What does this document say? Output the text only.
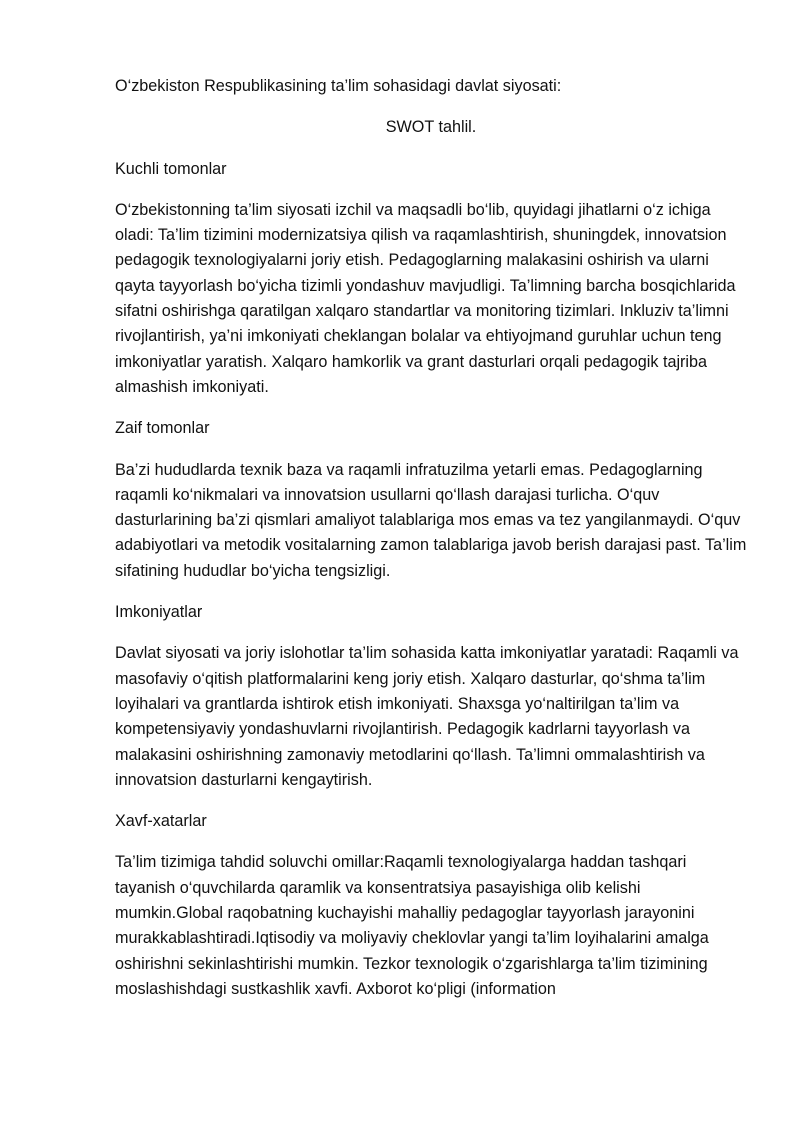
O‘zbekiston Respublikasining ta’lim sohasidagi davlat siyosati:

SWOT tahlil.

Kuchli tomonlar

O‘zbekistonning ta’lim siyosati izchil va maqsadli bo‘lib, quyidagi jihatlarni o‘z ichiga oladi: Ta’lim tizimini modernizatsiya qilish va raqamlashtirish, shuningdek, innovatsion pedagogik texnologiyalarni joriy etish. Pedagoglarning malakasini oshirish va ularni qayta tayyorlash bo‘yicha tizimli yondashuv mavjudligi. Ta’limning barcha bosqichlarida sifatni oshirishga qaratilgan xalqaro standartlar va monitoring tizimlari. Inkluziv ta’limni rivojlantirish, ya’ni imkoniyati cheklangan bolalar va ehtiyojmand guruhlar uchun teng imkoniyatlar yaratish. Xalqaro hamkorlik va grant dasturlari orqali pedagogik tajriba almashish imkoniyati.

Zaif tomonlar

Ba’zi hududlarda texnik baza va raqamli infratuzilma yetarli emas. Pedagoglarning raqamli ko‘nikmalari va innovatsion usullarni qo‘llash darajasi turlicha. O‘quv dasturlarining ba’zi qismlari amaliyot talablariga mos emas va tez yangilanmaydi. O‘quv adabiyotlari va metodik vositalarning zamon talablariga javob berish darajasi past. Ta’lim sifatining hududlar bo‘yicha tengsizligi.

Imkoniyatlar

Davlat siyosati va joriy islohotlar ta’lim sohasida katta imkoniyatlar yaratadi: Raqamli va masofaviy o‘qitish platformalarini keng joriy etish. Xalqaro dasturlar, qo‘shma ta’lim loyihalari va grantlarda ishtirok etish imkoniyati. Shaxsga yo‘naltirilgan ta’lim va kompetensiyaviy yondashuvlarni rivojlantirish. Pedagogik kadrlarni tayyorlash va malakasini oshirishning zamonaviy metodlarini qo‘llash. Ta’limni ommalashtirish va innovatsion dasturlarni kengaytirish.

Xavf-xatarlar

Ta’lim tizimiga tahdid soluvchi omillar:Raqamli texnologiyalarga haddan tashqari tayanish o‘quvchilarda qaramlik va konsentratsiya pasayishiga olib kelishi mumkin.Global raqobatning kuchayishi mahalliy pedagoglar tayyorlash jarayonini murakkablashtiradi.Iqtisodiy va moliyaviy cheklovlar yangi ta’lim loyihalarini amalga oshirishni sekinlashtirishi mumkin. Tezkor texnologik o‘zgarishlarga ta’lim tizimining moslashishdagi sustkashlik xavfi. Axborot ko‘pligi (information
